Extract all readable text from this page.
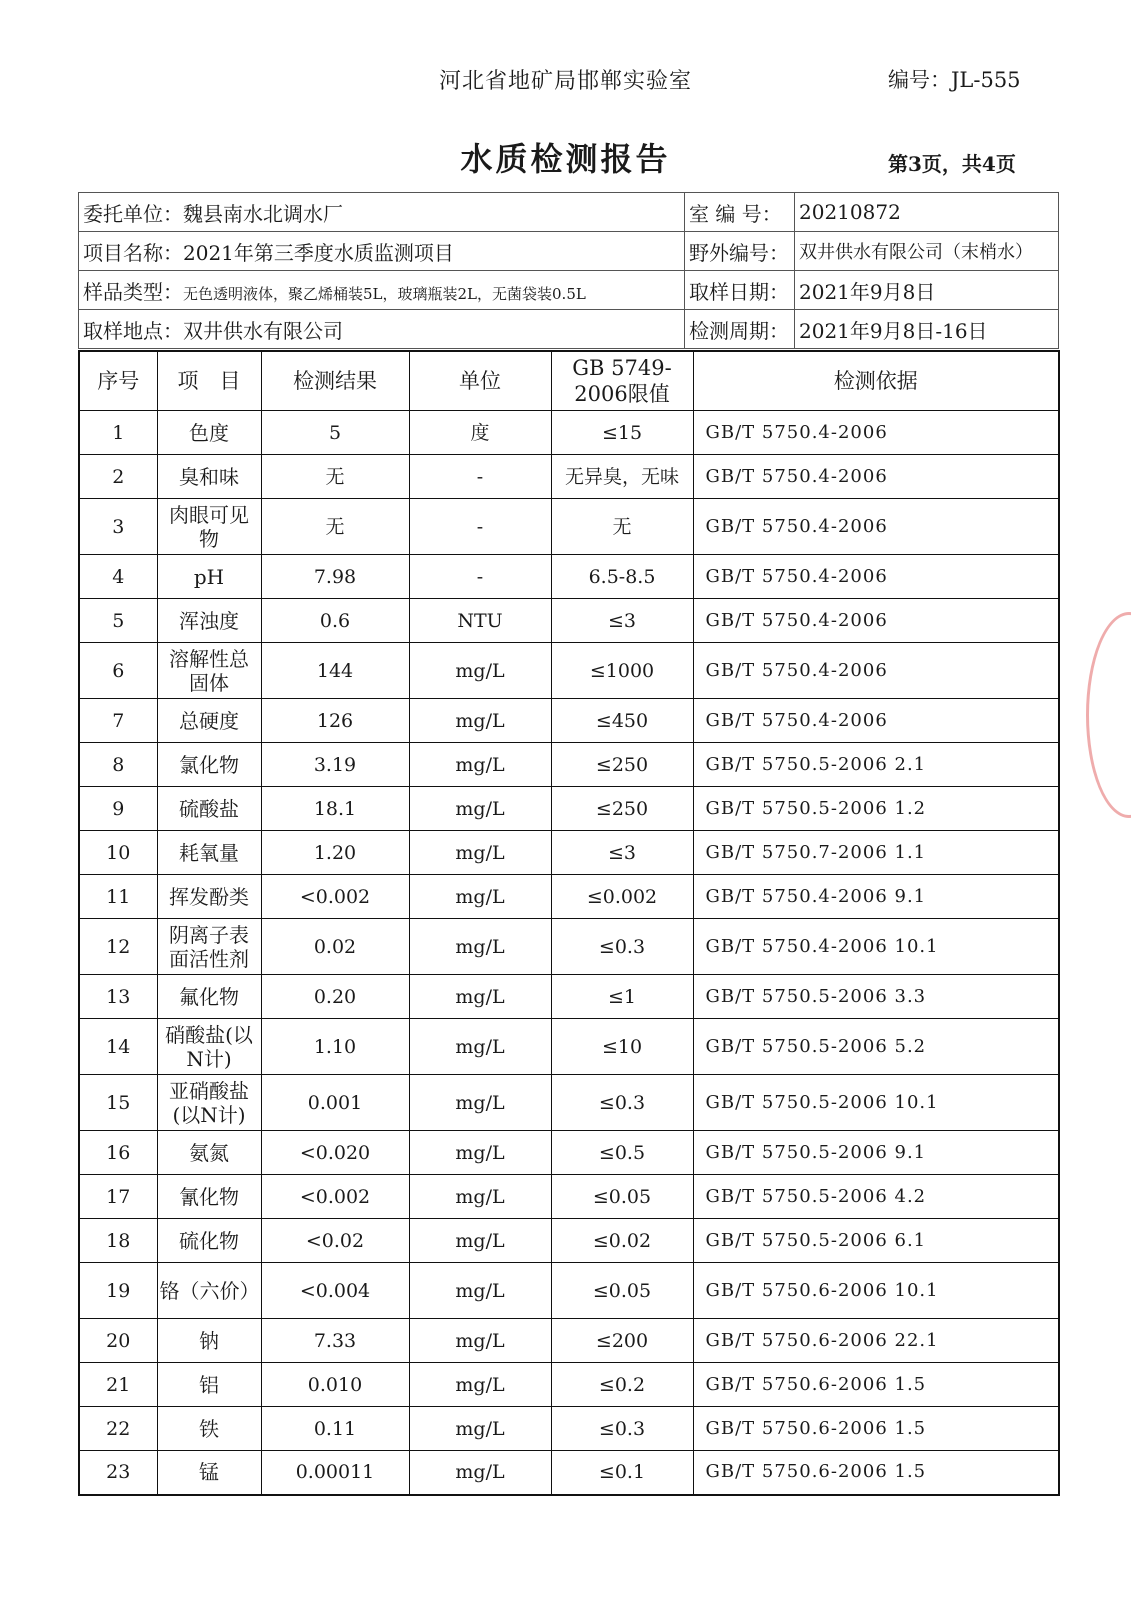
河北省地矿局邯郸实验室	编号：JL-555
水质检测报告	第3页，共4页
委托单位：魏县南水北调水厂	室 编 号：	20210872
项目名称：2021年第三季度水质监测项目	野外编号：	双井供水有限公司（末梢水）
样品类型：无色透明液体，聚乙烯桶装5L，玻璃瓶装2L，无菌袋装0.5L	取样日期：	2021年9月8日
取样地点：双井供水有限公司	检测周期：	2021年9月8日-16日
序号	项　目	检测结果	单位	GB 5749-2006限值	检测依据
1	色度	5	度	≤15	GB/T 5750.4-2006
2	臭和味	无	-	无异臭，无味	GB/T 5750.4-2006
3	肉眼可见物	无	-	无	GB/T 5750.4-2006
4	pH	7.98	-	6.5-8.5	GB/T 5750.4-2006
5	浑浊度	0.6	NTU	≤3	GB/T 5750.4-2006
6	溶解性总固体	144	mg/L	≤1000	GB/T 5750.4-2006
7	总硬度	126	mg/L	≤450	GB/T 5750.4-2006
8	氯化物	3.19	mg/L	≤250	GB/T 5750.5-2006 2.1
9	硫酸盐	18.1	mg/L	≤250	GB/T 5750.5-2006 1.2
10	耗氧量	1.20	mg/L	≤3	GB/T 5750.7-2006 1.1
11	挥发酚类	<0.002	mg/L	≤0.002	GB/T 5750.4-2006 9.1
12	阴离子表面活性剂	0.02	mg/L	≤0.3	GB/T 5750.4-2006 10.1
13	氟化物	0.20	mg/L	≤1	GB/T 5750.5-2006 3.3
14	硝酸盐(以N计)	1.10	mg/L	≤10	GB/T 5750.5-2006 5.2
15	亚硝酸盐(以N计)	0.001	mg/L	≤0.3	GB/T 5750.5-2006 10.1
16	氨氮	<0.020	mg/L	≤0.5	GB/T 5750.5-2006 9.1
17	氰化物	<0.002	mg/L	≤0.05	GB/T 5750.5-2006 4.2
18	硫化物	<0.02	mg/L	≤0.02	GB/T 5750.5-2006 6.1
19	铬（六价）	<0.004	mg/L	≤0.05	GB/T 5750.6-2006 10.1
20	钠	7.33	mg/L	≤200	GB/T 5750.6-2006 22.1
21	铝	0.010	mg/L	≤0.2	GB/T 5750.6-2006 1.5
22	铁	0.11	mg/L	≤0.3	GB/T 5750.6-2006 1.5
23	锰	0.00011	mg/L	≤0.1	GB/T 5750.6-2006 1.5
